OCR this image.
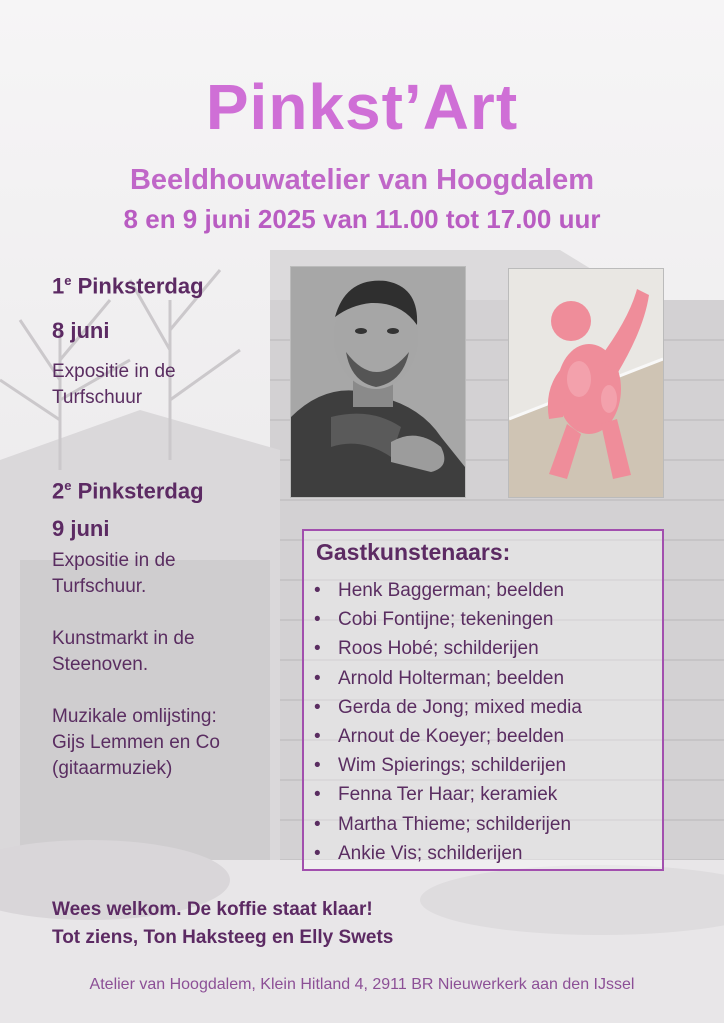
Pinkst’Art
Beeldhouwatelier van Hoogdalem
8 en 9 juni 2025 van 11.00 tot 17.00 uur
1e Pinksterdag
8 juni
Expositie in de
Turfschuur
2e Pinksterdag
9 juni
Expositie in de
Turfschuur.
Kunstmarkt in de
Steenoven.
Muzikale omlijsting:
Gijs Lemmen en Co
(gitaarmuziek)
Gastkunstenaars:
• Henk Baggerman; beelden
• Cobi Fontijne; tekeningen
• Roos Hobé; schilderijen
• Arnold Holterman; beelden
• Gerda de Jong; mixed media
• Arnout de Koeyer; beelden
• Wim Spierings; schilderijen
• Fenna Ter Haar; keramiek
• Martha Thieme; schilderijen
• Ankie Vis; schilderijen
Wees welkom. De koffie staat klaar!
Tot ziens, Ton Haksteeg en Elly Swets
Atelier van Hoogdalem, Klein Hitland 4, 2911 BR Nieuwerkerk aan den IJssel
